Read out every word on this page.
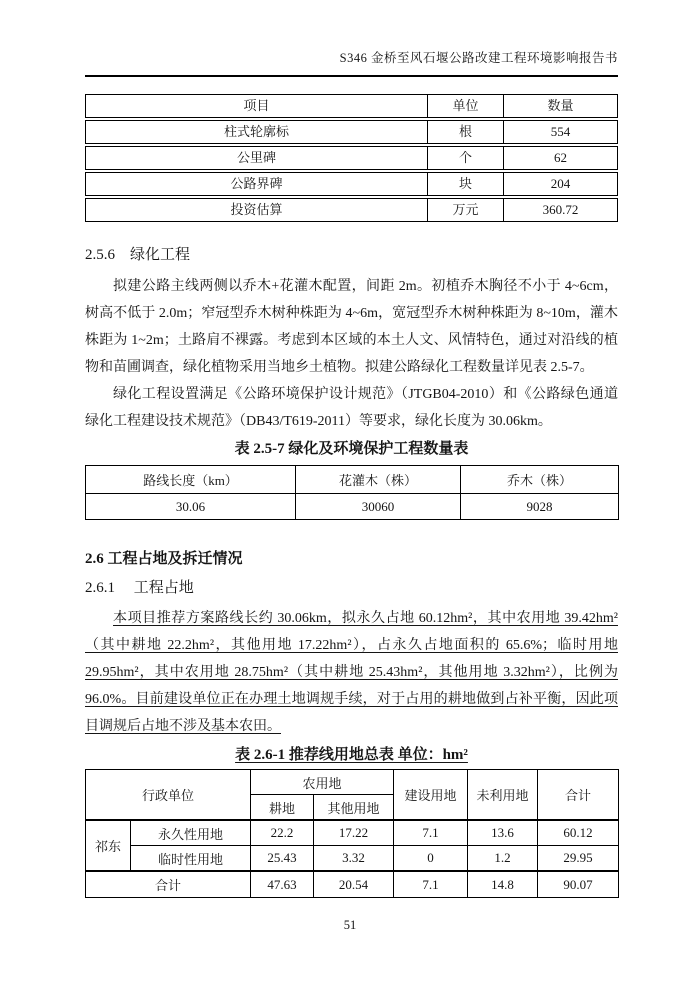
S346 金桥至风石堰公路改建工程环境影响报告书
项目	单位	数量
柱式轮廓标	根	554
公里碑	个	62
公路界碑	块	204
投资估算	万元	360.72
2.5.6　绿化工程

拟建公路主线两侧以乔木+花灌木配置，间距 2m。初植乔木胸径不小于 4~6cm，树高不低于 2.0m；窄冠型乔木树种株距为 4~6m，宽冠型乔木树种株距为 8~10m，灌木株距为 1~2m；土路肩不裸露。考虑到本区域的本土人文、风情特色，通过对沿线的植物和苗圃调查，绿化植物采用当地乡土植物。拟建公路绿化工程数量详见表 2.5-7。

绿化工程设置满足《公路环境保护设计规范》（JTGB04-2010）和《公路绿色通道绿化工程建设技术规范》（DB43/T619-2011）等要求，绿化长度为 30.06km。

表 2.5-7 绿化及环境保护工程数量表
路线长度（km）	花灌木（株）	乔木（株）
30.06	30060	9028
2.6 工程占地及拆迁情况
2.6.1　 工程占地

本项目推荐方案路线长约 30.06km，拟永久占地 60.12hm²，其中农用地 39.42hm²（其中耕地 22.2hm²，其他用地 17.22hm²），占永久占地面积的 65.6%；临时用地 29.95hm²，其中农用地 28.75hm²（其中耕地 25.43hm²，其他用地 3.32hm²），比例为 96.0%。目前建设单位正在办理土地调规手续，对于占用的耕地做到占补平衡，因此项目调规后占地不涉及基本农田。

表 2.6-1 推荐线用地总表 单位：hm²
行政单位		农用地		建设用地	未利用地	合计
		耕地	其他用地			
祁东	永久性用地	22.2	17.22	7.1	13.6	60.12
	临时性用地	25.43	3.32	0	1.2	29.95
合计		47.63	20.54	7.1	14.8	90.07
51
